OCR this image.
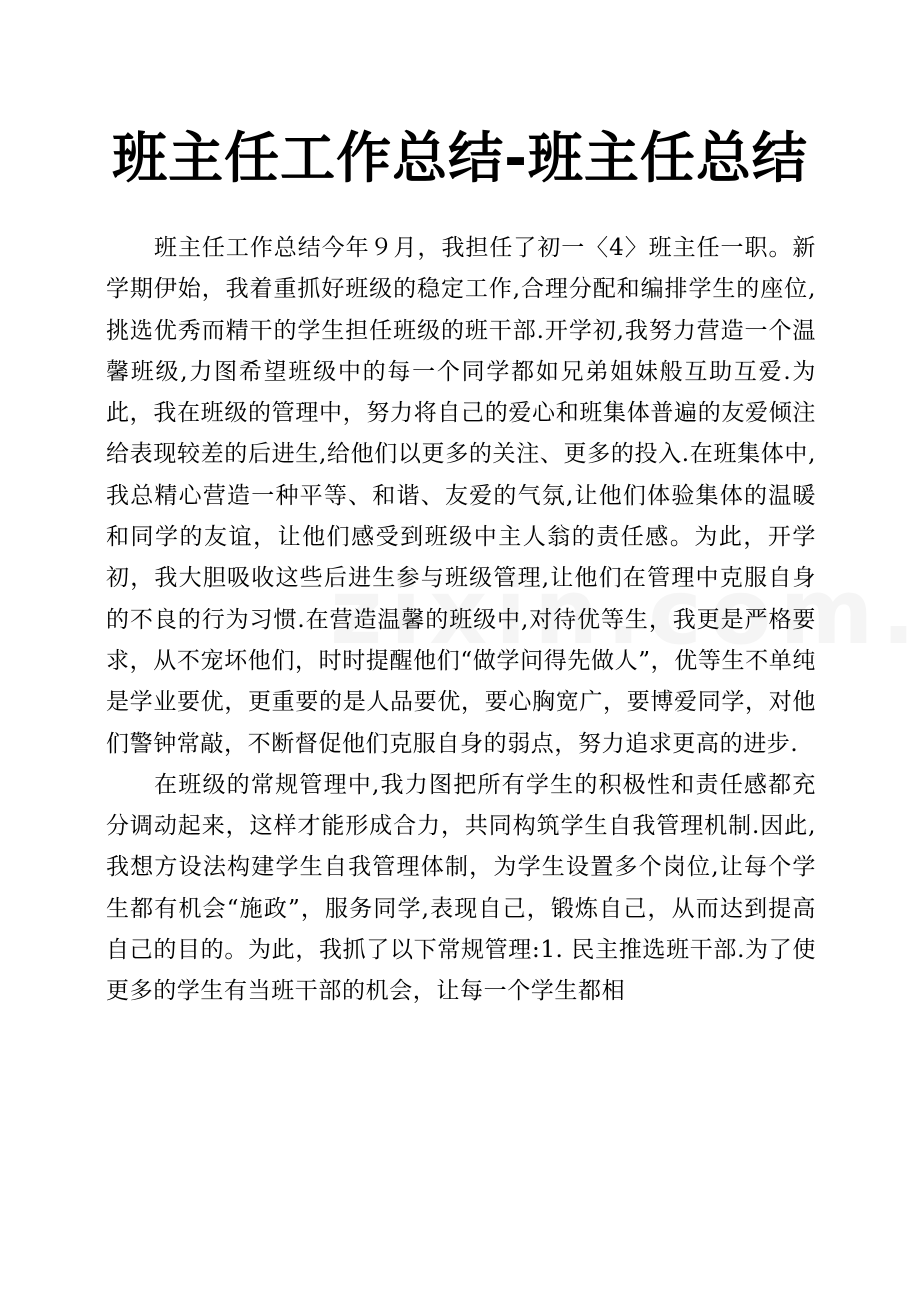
班主任工作总结-班主任总结

班主任工作总结今年９月，我担任了初一〈4〉班主任一职。新学期伊始，我着重抓好班级的稳定工作,合理分配和编排学生的座位,挑选优秀而精干的学生担任班级的班干部.开学初,我努力营造一个温馨班级,力图希望班级中的每一个同学都如兄弟姐妹般互助互爱.为此，我在班级的管理中，努力将自己的爱心和班集体普遍的友爱倾注给表现较差的后进生,给他们以更多的关注、更多的投入.在班集体中,我总精心营造一种平等、和谐、友爱的气氛,让他们体验集体的温暖和同学的友谊，让他们感受到班级中主人翁的责任感。为此，开学初，我大胆吸收这些后进生参与班级管理,让他们在管理中克服自身的不良的行为习惯.在营造温馨的班级中,对待优等生，我更是严格要求，从不宠坏他们，时时提醒他们“做学问得先做人”，优等生不单纯是学业要优，更重要的是人品要优，要心胸宽广，要博爱同学，对他们警钟常敲，不断督促他们克服自身的弱点，努力追求更高的进步.

在班级的常规管理中,我力图把所有学生的积极性和责任感都充分调动起来，这样才能形成合力，共同构筑学生自我管理机制.因此,我想方设法构建学生自我管理体制，为学生设置多个岗位,让每个学生都有机会“施政”，服务同学,表现自己，锻炼自己，从而达到提高自己的目的。为此，我抓了以下常规管理:1. 民主推选班干部.为了使更多的学生有当班干部的机会，让每一个学生都相
